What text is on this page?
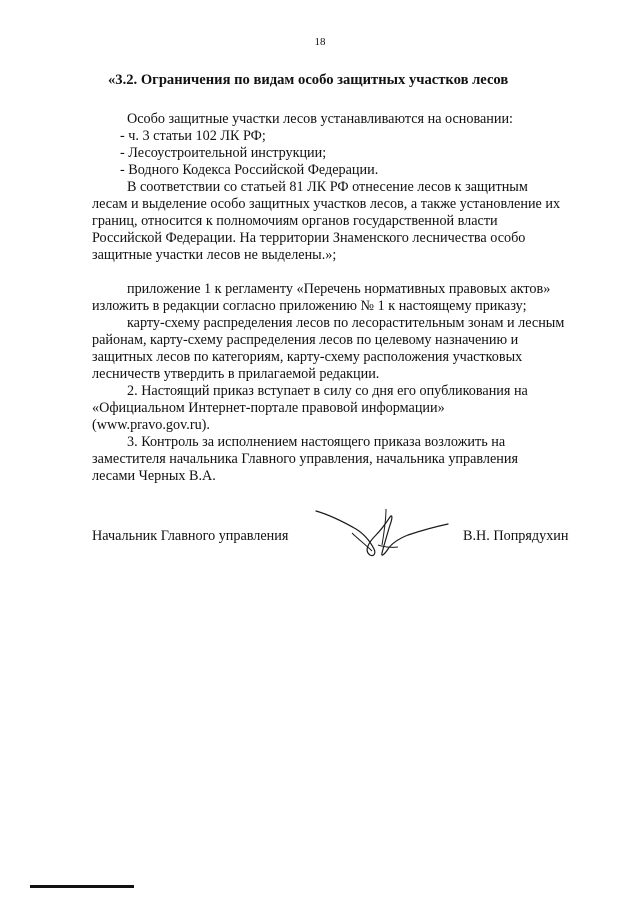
18
«3.2. Ограничения по видам особо защитных участков лесов
Особо защитные участки лесов устанавливаются на основании:
- ч. 3 статьи 102 ЛК РФ;
- Лесоустроительной инструкции;
- Водного Кодекса Российской Федерации.
В соответствии со статьей 81 ЛК РФ отнесение лесов к защитным
лесам и выделение особо защитных участков лесов, а также установление их
границ, относится к полномочиям органов государственной власти
Российской Федерации. На территории Знаменского лесничества особо
защитные участки лесов не выделены.»;
приложение 1 к регламенту «Перечень нормативных правовых актов»
изложить в редакции согласно приложению № 1 к настоящему приказу;
карту-схему распределения лесов по лесорастительным зонам и лесным
районам, карту-схему распределения лесов по целевому назначению и
защитных лесов по категориям, карту-схему расположения участковых
лесничеств утвердить в прилагаемой редакции.
2. Настоящий приказ вступает в силу со дня его опубликования на
«Официальном Интернет-портале правовой информации»
(www.pravo.gov.ru).
3. Контроль за исполнением настоящего приказа возложить на
заместителя начальника Главного управления, начальника управления
лесами Черных В.А.
Начальник Главного управления	В.Н. Попрядухин
